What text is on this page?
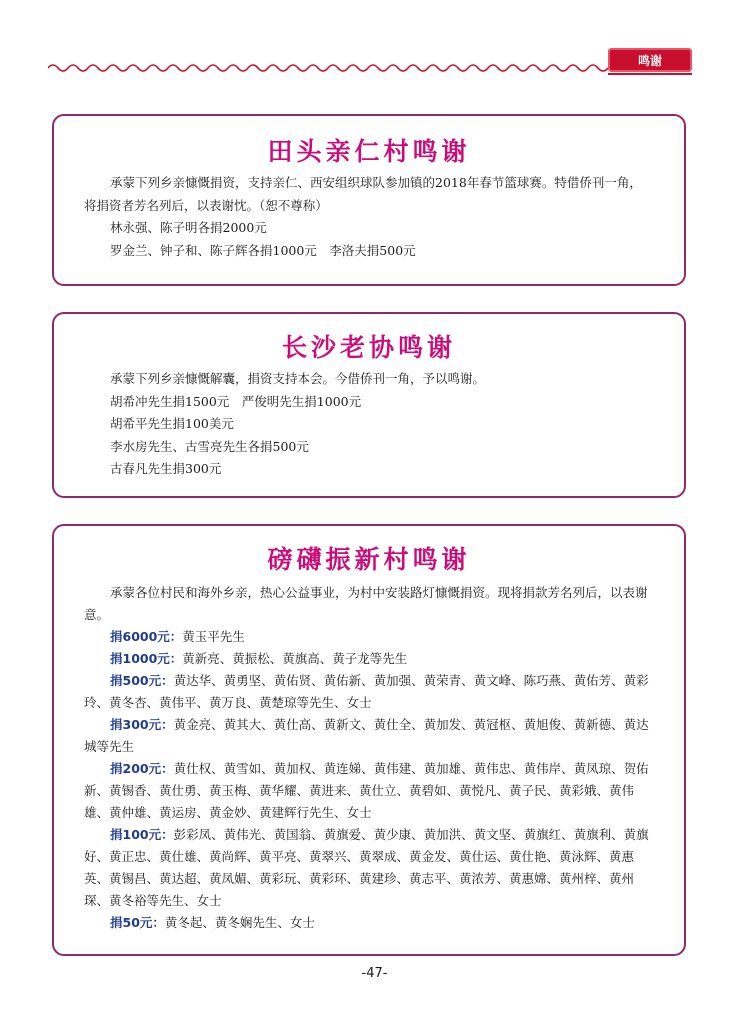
鸣谢
田头亲仁村鸣谢

承蒙下列乡亲慷慨捐资，支持亲仁、西安组织球队参加镇的2018年春节篮球赛。特借侨刊一角，将捐资者芳名列后，以表谢忱。（恕不尊称）

林永强、陈子明各捐2000元

罗金兰、钟子和、陈子辉各捐1000元　李洛夫捐500元

长沙老协鸣谢

承蒙下列乡亲慷慨解囊，捐资支持本会。今借侨刊一角，予以鸣谢。

胡希冲先生捐1500元　严俊明先生捐1000元

胡希平先生捐100美元

李水房先生、古雪亮先生各捐500元

古春凡先生捐300元

磅礴振新村鸣谢

承蒙各位村民和海外乡亲，热心公益事业，为村中安装路灯慷慨捐资。现将捐款芳名列后，以表谢意。

捐6000元：黄玉平先生

捐1000元：黄新亮、黄振松、黄旗高、黄子龙等先生

捐500元：黄达华、黄勇坚、黄佑贤、黄佑新、黄加强、黄荣青、黄文峰、陈巧燕、黄佑芳、黄彩玲、黄冬杏、黄伟平、黄万良、黄楚琼等先生、女士

捐300元：黄金亮、黄其大、黄仕高、黄新文、黄仕全、黄加发、黄冠枢、黄旭俊、黄新德、黄达城等先生

捐200元：黄仕权、黄雪如、黄加权、黄连娣、黄伟建、黄加雄、黄伟忠、黄伟岸、黄凤琼、贺佑新、黄锡香、黄仕勇、黄玉梅、黄华耀、黄进来、黄仕立、黄碧如、黄悦凡、黄子民、黄彩娥、黄伟雄、黄仲雄、黄运房、黄金妙、黄建辉行先生、女士

捐100元：彭彩凤、黄伟光、黄国翁、黄旗爱、黄少康、黄加洪、黄文坚、黄旗红、黄旗利、黄旗好、黄正忠、黄仕雄、黄尚辉、黄平亮、黄翠兴、黄翠成、黄金发、黄仕运、黄仕艳、黄泳辉、黄惠英、黄锡昌、黄达超、黄凤媚、黄彩玩、黄彩环、黄建珍、黄志平、黄浓芳、黄惠嫦、黄州梓、黄州琛、黄冬裕等先生、女士

捐50元：黄冬起、黄冬娴先生、女士

-47-
